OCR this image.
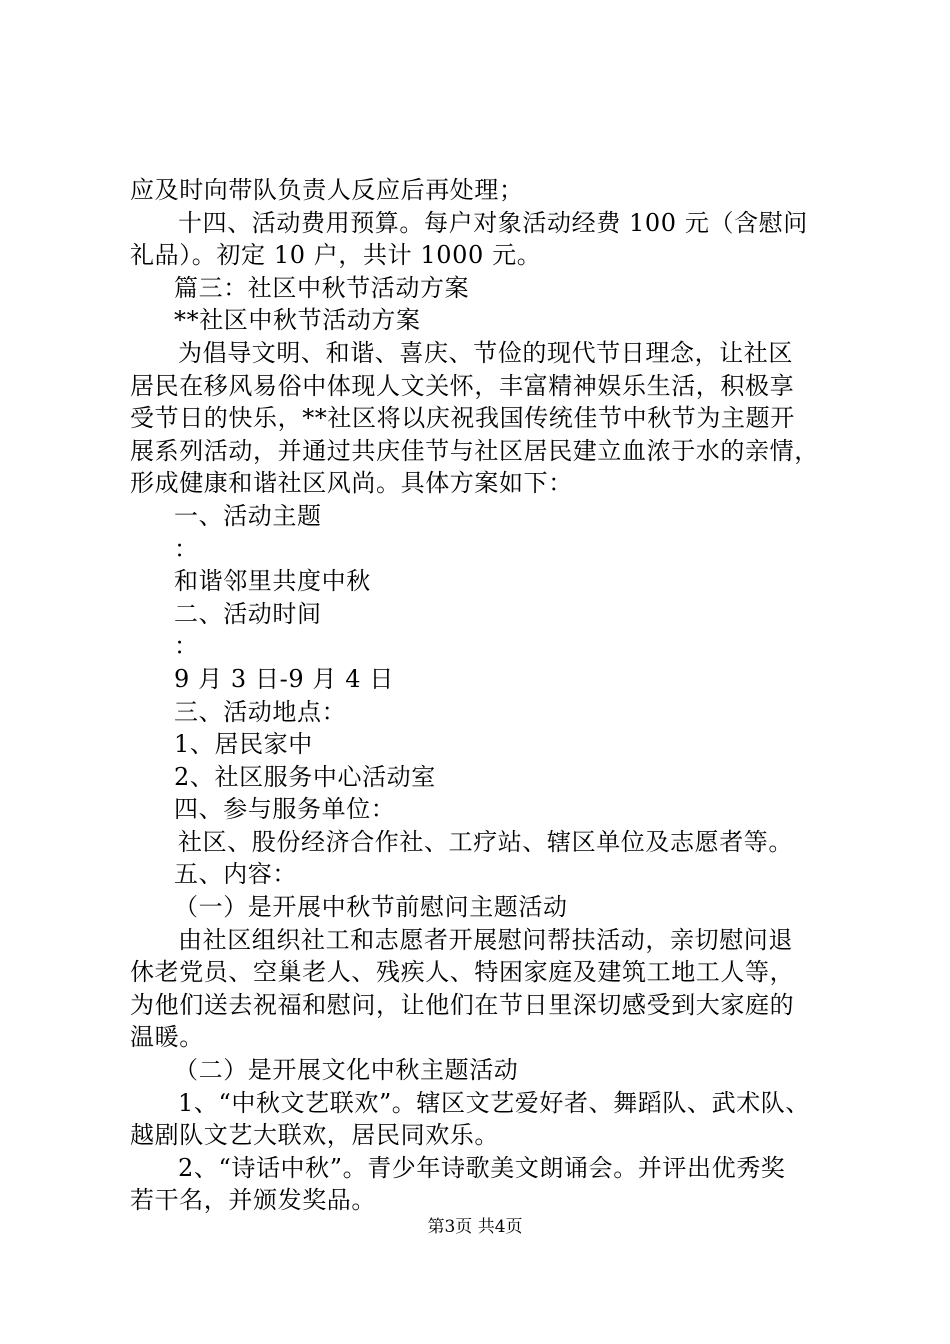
应及时向带队负责人反应后再处理；
十四、活动费用预算。每户对象活动经费 100 元（含慰问
礼品）。初定 10 户，共计 1000 元。
篇三：社区中秋节活动方案
**社区中秋节活动方案
为倡导文明、和谐、喜庆、节俭的现代节日理念，让社区
居民在移风易俗中体现人文关怀，丰富精神娱乐生活，积极享
受节日的快乐，**社区将以庆祝我国传统佳节中秋节为主题开
展系列活动，并通过共庆佳节与社区居民建立血浓于水的亲情，
形成健康和谐社区风尚。具体方案如下：
一、活动主题
：
和谐邻里共度中秋
二、活动时间
：
9 月 3 日-9 月 4 日
三、活动地点：
1、居民家中
2、社区服务中心活动室
四、参与服务单位：
社区、股份经济合作社、工疗站、辖区单位及志愿者等。
五、内容：
（一）是开展中秋节前慰问主题活动
由社区组织社工和志愿者开展慰问帮扶活动，亲切慰问退
休老党员、空巢老人、残疾人、特困家庭及建筑工地工人等，
为他们送去祝福和慰问，让他们在节日里深切感受到大家庭的
温暖。
（二）是开展文化中秋主题活动
1、“中秋文艺联欢”。辖区文艺爱好者、舞蹈队、武术队、
越剧队文艺大联欢，居民同欢乐。
2、“诗话中秋”。青少年诗歌美文朗诵会。并评出优秀奖
若干名，并颁发奖品。
第3页 共4页
